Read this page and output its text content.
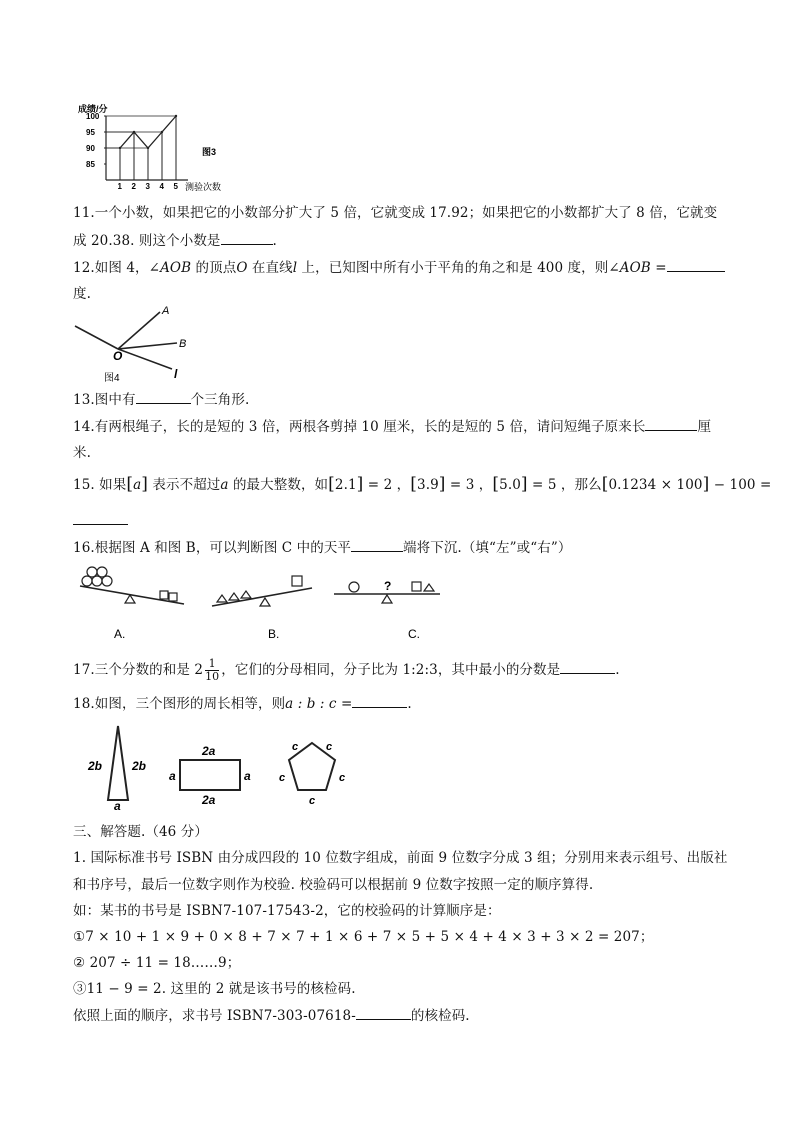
成绩/分
100
95
90
85
1 2 3 4 5
图3
测验次数
11.一个小数，如果把它的小数部分扩大了 5 倍，它就变成 17.92；如果把它的小数都扩大了 8 倍，它就变
成 20.38. 则这个小数是	.
12.如图 4，∠AOB 的顶点O 在直线l 上，已知图中所有小于平角的角之和是 400 度，则∠AOB =
度.
A
B
O
l
图4
13.图中有	个三角形.
14.有两根绳子，长的是短的 3 倍，两根各剪掉 10 厘米，长的是短的 5 倍，请问短绳子原来长	厘
米.
15. 如果[a] 表示不超过a 的最大整数，如[2.1] = 2 ，[3.9] = 3 ，[5.0] = 5 ，那么[0.1234 × 100] − 100 =
16.根据图 A 和图 B，可以判断图 C 中的天平	端将下沉.（填“左”或“右”）
?
A.	B.	C.
17.三个分数的和是 $2 \frac{1}{10}$ ，它们的分母相同，分子比为 1:2:3，其中最小的分数是	.
18.如图，三个图形的周长相等，则a : b : c =	.
2b 2b
a
2a
2a
a	a
c	c
c	c
c
三、解答题.（46 分）
1. 国际标准书号 ISBN 由分成四段的 10 位数字组成，前面 9 位数字分成 3 组；分别用来表示组号、出版社
和书序号，最后一位数字则作为校验. 校验码可以根据前 9 位数字按照一定的顺序算得.
如：某书的书号是 ISBN7-107-17543-2，它的校验码的计算顺序是：
①7 × 10 + 1 × 9 + 0 × 8 + 7 × 7 + 1 × 6 + 7 × 5 + 5 × 4 + 4 × 3 + 3 × 2 = 207；
② 207 ÷ 11 = 18……9；
③11 − 9 = 2. 这里的 2 就是该书号的核检码.
依照上面的顺序，求书号 ISBN7-303-07618-	的核检码.
